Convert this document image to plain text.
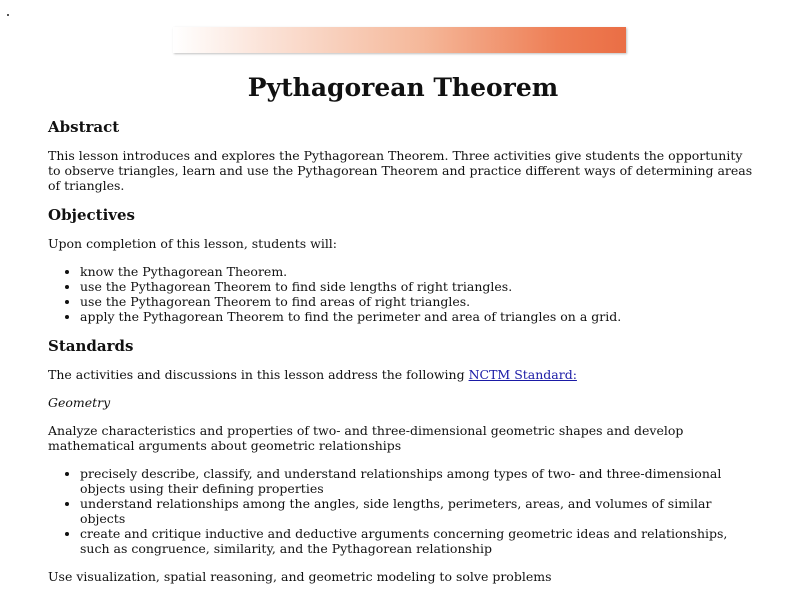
Pythagorean Theorem
Abstract

This lesson introduces and explores the Pythagorean Theorem. Three activities give students the opportunity to observe triangles, learn and use the Pythagorean Theorem and practice different ways of determining areas of triangles.

Objectives

Upon completion of this lesson, students will:

• know the Pythagorean Theorem.
• use the Pythagorean Theorem to find side lengths of right triangles.
• use the Pythagorean Theorem to find areas of right triangles.
• apply the Pythagorean Theorem to find the perimeter and area of triangles on a grid.
Standards

The activities and discussions in this lesson address the following NCTM Standard:

Geometry

Analyze characteristics and properties of two- and three-dimensional geometric shapes and develop mathematical arguments about geometric relationships

• precisely describe, classify, and understand relationships among types of two- and three-dimensional objects using their defining properties
• understand relationships among the angles, side lengths, perimeters, areas, and volumes of similar objects
• create and critique inductive and deductive arguments concerning geometric ideas and relationships, such as congruence, similarity, and the Pythagorean relationship

Use visualization, spatial reasoning, and geometric modeling to solve problems
